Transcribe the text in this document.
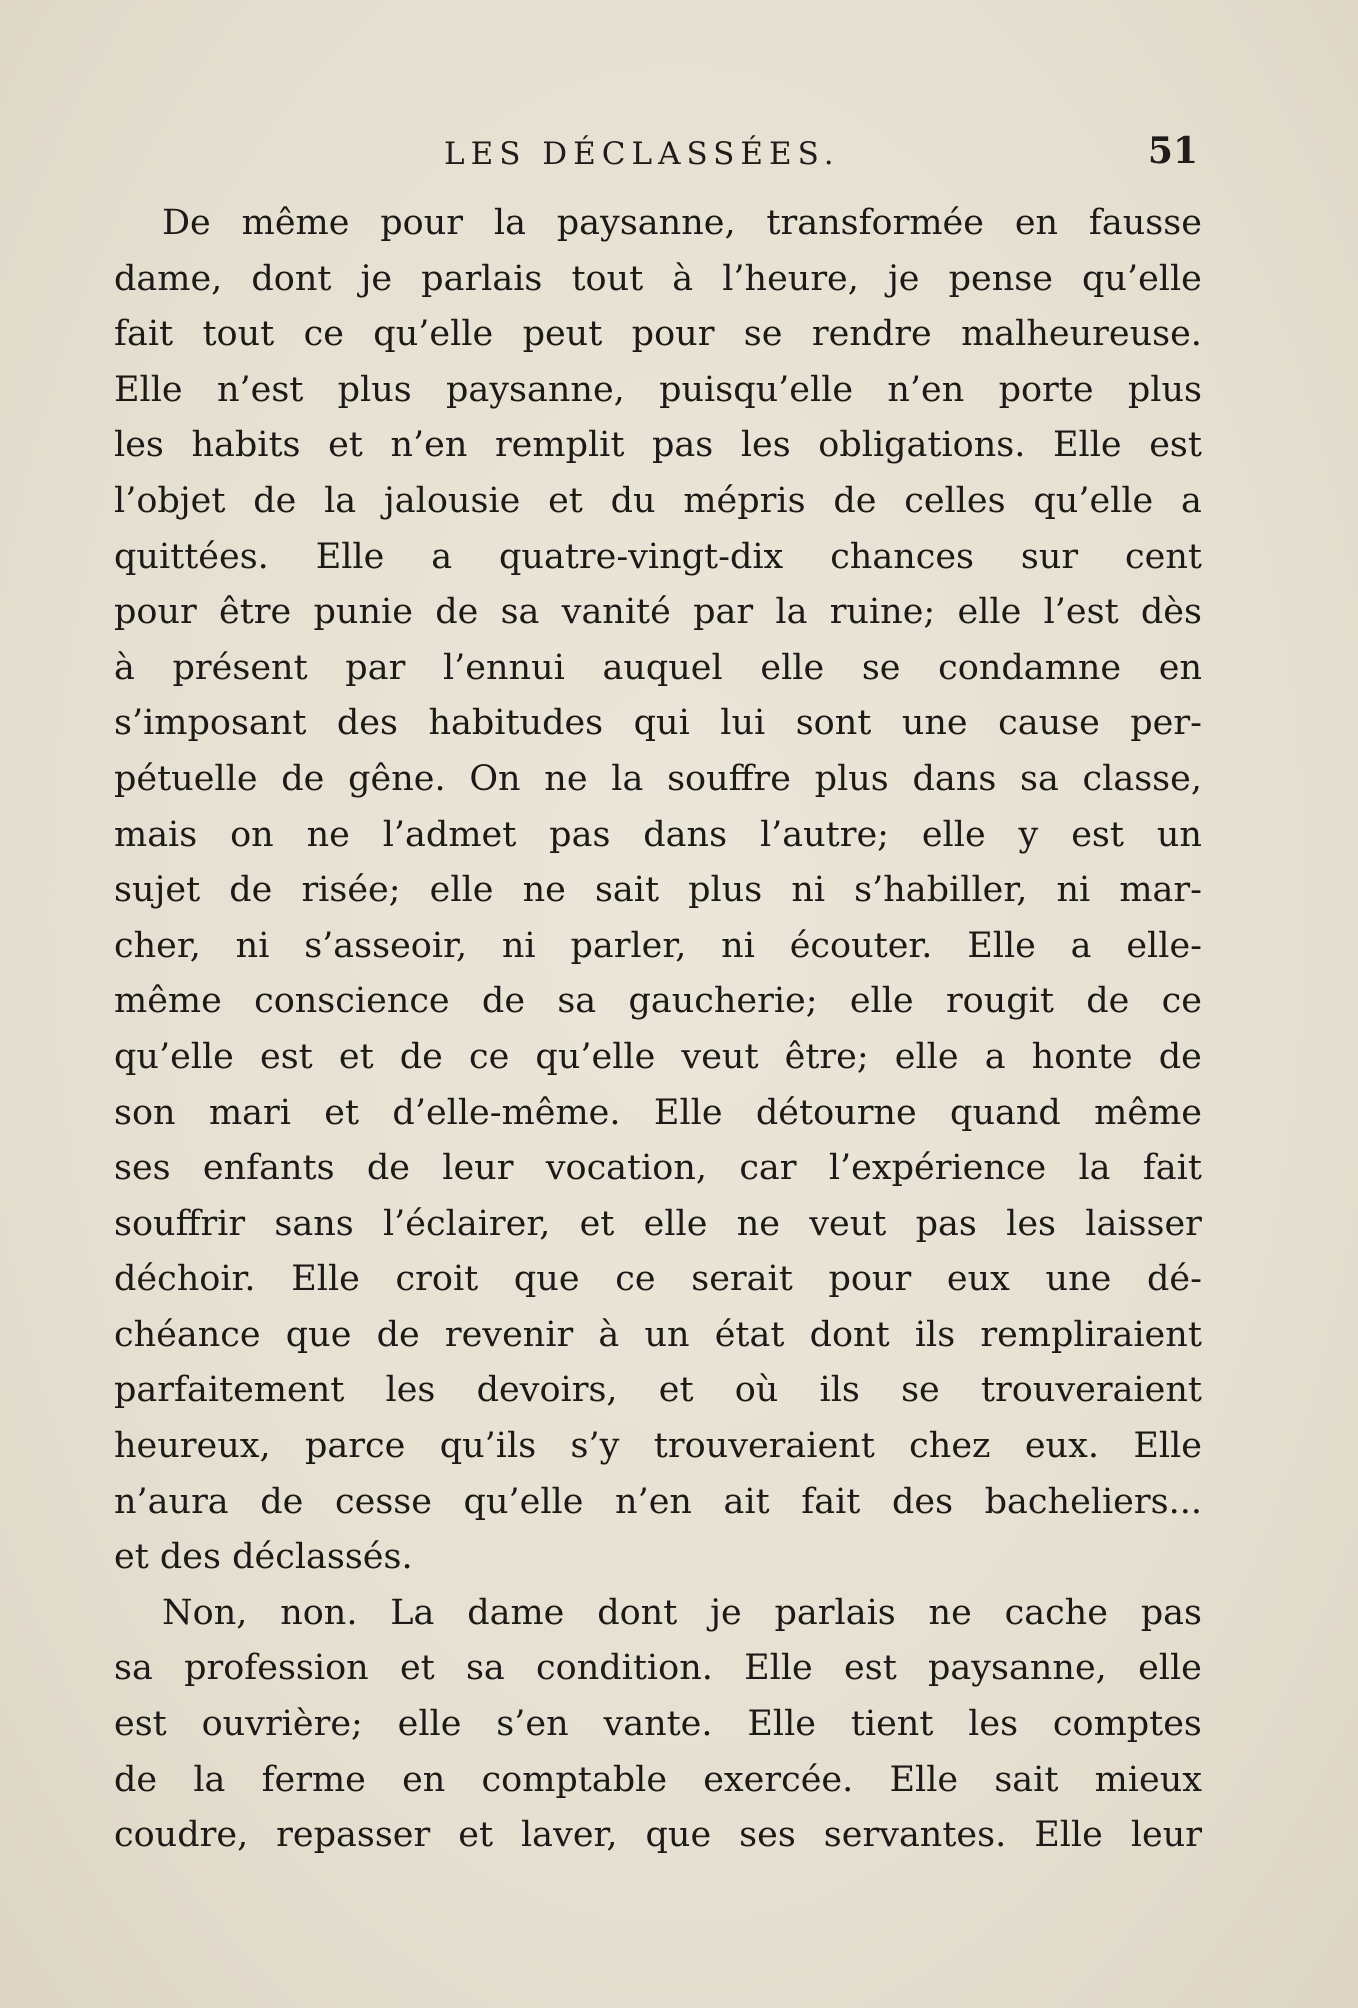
LES DÉCLASSÉES.	51
De même pour la paysanne, transformée en fausse
dame, dont je parlais tout à l’heure, je pense qu’elle
fait tout ce qu’elle peut pour se rendre malheureuse.
Elle n’est plus paysanne, puisqu’elle n’en porte plus
les habits et n’en remplit pas les obligations. Elle est
l’objet de la jalousie et du mépris de celles qu’elle a
quittées. Elle a quatre-vingt-dix chances sur cent
pour être punie de sa vanité par la ruine; elle l’est dès
à présent par l’ennui auquel elle se condamne en
s’imposant des habitudes qui lui sont une cause per-
pétuelle de gêne. On ne la souffre plus dans sa classe,
mais on ne l’admet pas dans l’autre; elle y est un
sujet de risée; elle ne sait plus ni s’habiller, ni mar-
cher, ni s’asseoir, ni parler, ni écouter. Elle a elle-
même conscience de sa gaucherie; elle rougit de ce
qu’elle est et de ce qu’elle veut être; elle a honte de
son mari et d’elle-même. Elle détourne quand même
ses enfants de leur vocation, car l’expérience la fait
souffrir sans l’éclairer, et elle ne veut pas les laisser
déchoir. Elle croit que ce serait pour eux une dé-
chéance que de revenir à un état dont ils rempliraient
parfaitement les devoirs, et où ils se trouveraient
heureux, parce qu’ils s’y trouveraient chez eux. Elle
n’aura de cesse qu’elle n’en ait fait des bacheliers...
et des déclassés.
Non, non. La dame dont je parlais ne cache pas
sa profession et sa condition. Elle est paysanne, elle
est ouvrière; elle s’en vante. Elle tient les comptes
de la ferme en comptable exercée. Elle sait mieux
coudre, repasser et laver, que ses servantes. Elle leur
